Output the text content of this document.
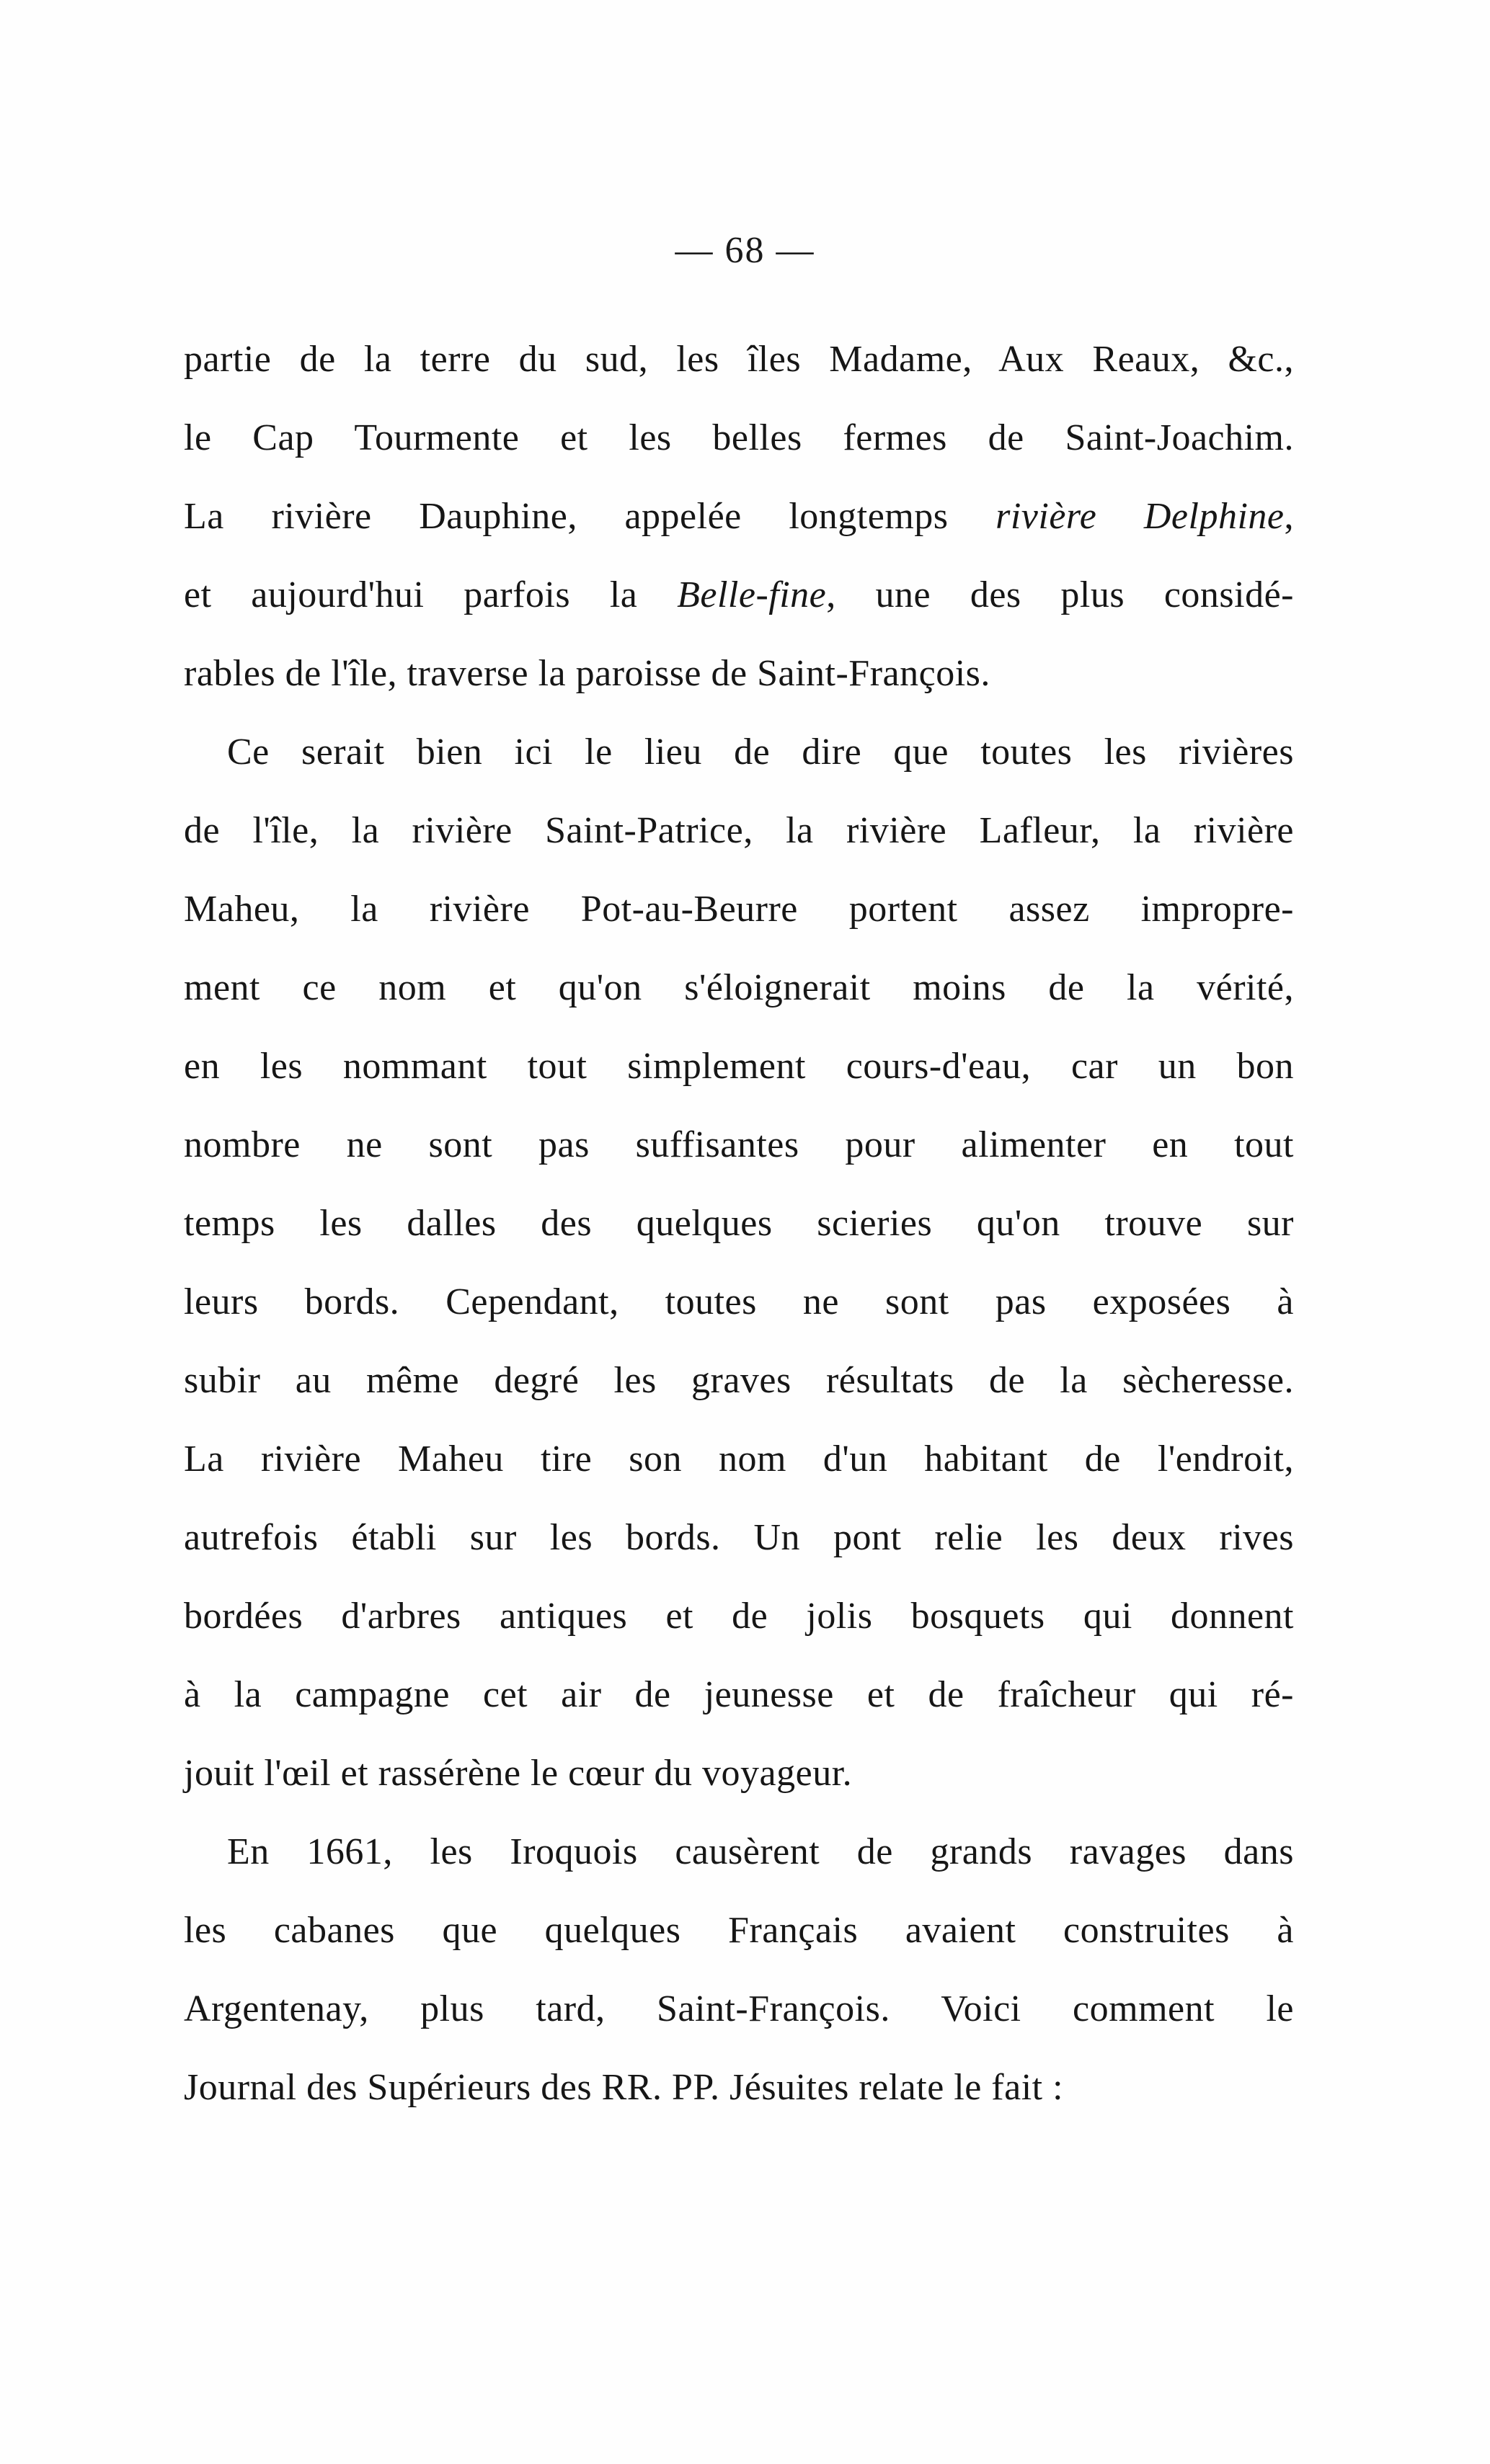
— 68 —
partie de la terre du sud, les îles Madame, Aux Reaux, &c.,
le Cap Tourmente et les belles fermes de Saint-Joachim.
La rivière Dauphine, appelée longtemps rivière Delphine,
et aujourd'hui parfois la Belle-fine, une des plus considé-
rables de l'île, traverse la paroisse de Saint-François.
Ce serait bien ici le lieu de dire que toutes les rivières
de l'île, la rivière Saint-Patrice, la rivière Lafleur, la rivière
Maheu, la rivière Pot-au-Beurre portent assez impropre-
ment ce nom et qu'on s'éloignerait moins de la vérité,
en les nommant tout simplement cours-d'eau, car un bon
nombre ne sont pas suffisantes pour alimenter en tout
temps les dalles des quelques scieries qu'on trouve sur
leurs bords. Cependant, toutes ne sont pas exposées à
subir au même degré les graves résultats de la sècheresse.
La rivière Maheu tire son nom d'un habitant de l'endroit,
autrefois établi sur les bords. Un pont relie les deux rives
bordées d'arbres antiques et de jolis bosquets qui donnent
à la campagne cet air de jeunesse et de fraîcheur qui ré-
jouit l'œil et rassérène le cœur du voyageur.
En 1661, les Iroquois causèrent de grands ravages dans
les cabanes que quelques Français avaient construites à
Argentenay, plus tard, Saint-François. Voici comment le
Journal des Supérieurs des RR. PP. Jésuites relate le fait :
